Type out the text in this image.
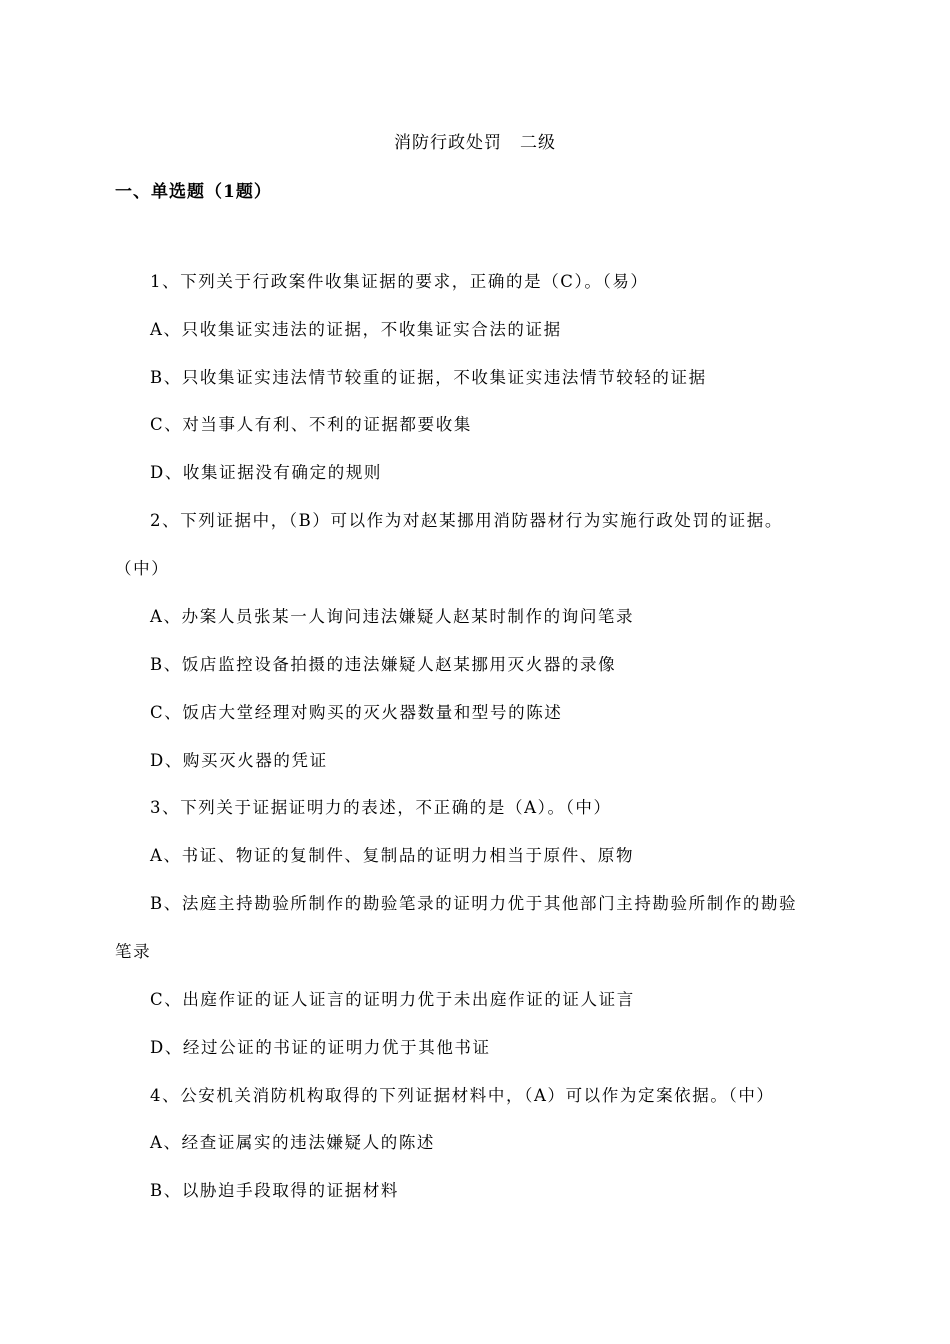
消防行政处罚　二级
一、单选题（1题）
1、下列关于行政案件收集证据的要求，正确的是（C）。（易）
A、只收集证实违法的证据，不收集证实合法的证据
B、只收集证实违法情节较重的证据，不收集证实违法情节较轻的证据
C、对当事人有利、不利的证据都要收集
D、收集证据没有确定的规则
2、下列证据中，（B）可以作为对赵某挪用消防器材行为实施行政处罚的证据。
（中）
A、办案人员张某一人询问违法嫌疑人赵某时制作的询问笔录
B、饭店监控设备拍摄的违法嫌疑人赵某挪用灭火器的录像
C、饭店大堂经理对购买的灭火器数量和型号的陈述
D、购买灭火器的凭证
3、下列关于证据证明力的表述，不正确的是（A）。（中）
A、书证、物证的复制件、复制品的证明力相当于原件、原物
B、法庭主持勘验所制作的勘验笔录的证明力优于其他部门主持勘验所制作的勘验
笔录
C、出庭作证的证人证言的证明力优于未出庭作证的证人证言
D、经过公证的书证的证明力优于其他书证
4、公安机关消防机构取得的下列证据材料中，（A）可以作为定案依据。（中）
A、经查证属实的违法嫌疑人的陈述
B、以胁迫手段取得的证据材料
